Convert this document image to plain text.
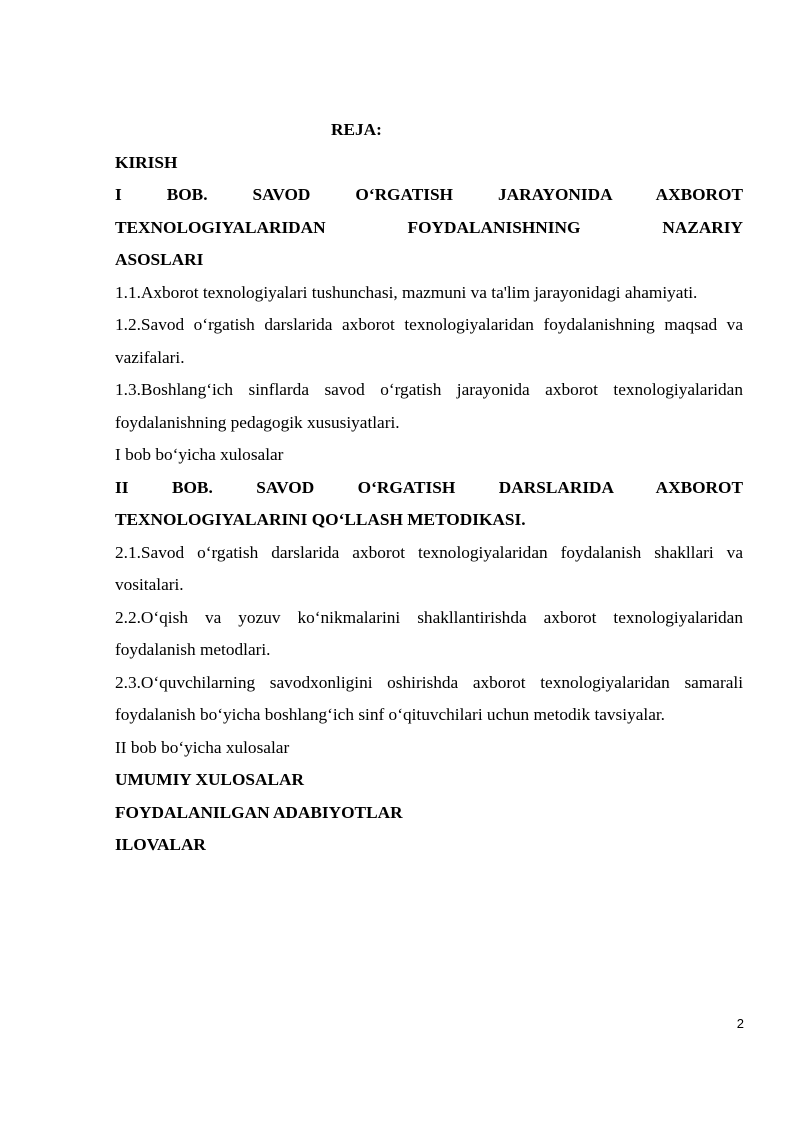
REJA:

KIRISH

I BOB. SAVOD O‘RGATISH JARAYONIDA AXBOROT

TEXNOLOGIYALARIDAN FOYDALANISHNING NAZARIY

ASOSLARI

1.1.Axborot texnologiyalari tushunchasi, mazmuni va ta'lim jarayonidagi ahamiyati.

1.2.Savod o‘rgatish darslarida axborot texnologiyalaridan foydalanishning maqsad va vazifalari.

1.3.Boshlang‘ich sinflarda savod o‘rgatish jarayonida axborot texnologiyalaridan foydalanishning pedagogik xususiyatlari.

I bob bo‘yicha xulosalar

II BOB. SAVOD O‘RGATISH DARSLARIDA AXBOROT

TEXNOLOGIYALARINI QO‘LLASH METODIKASI.

2.1.Savod o‘rgatish darslarida axborot texnologiyalaridan foydalanish shakllari va vositalari.

2.2.O‘qish va yozuv ko‘nikmalarini shakllantirishda axborot texnologiyalaridan foydalanish metodlari.

2.3.O‘quvchilarning savodxonligini oshirishda axborot texnologiyalaridan samarali foydalanish bo‘yicha boshlang‘ich sinf o‘qituvchilari uchun metodik tavsiyalar.

II bob bo‘yicha xulosalar

UMUMIY XULOSALAR

FOYDALANILGAN ADABIYOTLAR

ILOVALAR

2
